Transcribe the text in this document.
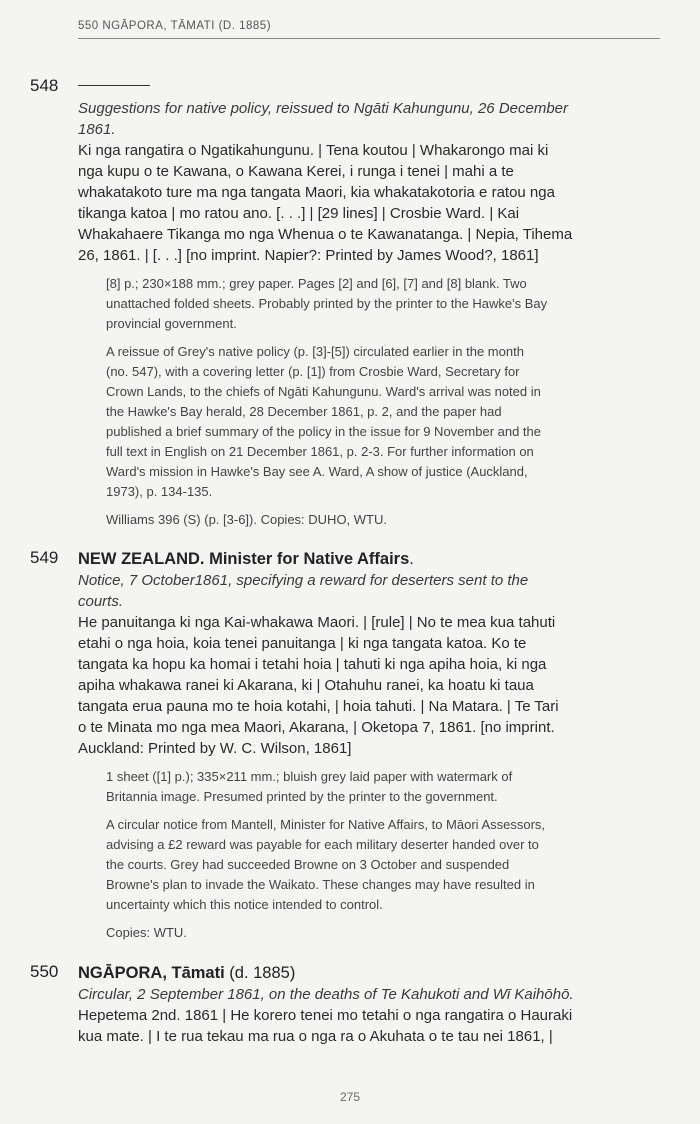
550 NGĀPORA, TĀMATI (D. 1885)
548
Suggestions for native policy, reissued to Ngāti Kahungunu, 26 December
1861.
Ki nga rangatira o Ngatikahungunu. | Tena koutou | Whakarongo mai ki
nga kupu o te Kawana, o Kawana Kerei, i runga i tenei | mahi a te
whakatakoto ture ma nga tangata Maori, kia whakatakotoria e ratou nga
tikanga katoa | mo ratou ano. [. . .] | [29 lines] | Crosbie Ward. | Kai
Whakahaere Tikanga mo nga Whenua o te Kawanatanga. | Nepia, Tihema
26, 1861. | [. . .] [no imprint. Napier?: Printed by James Wood?, 1861]
[8] p.; 230×188 mm.; grey paper. Pages [2] and [6], [7] and [8] blank. Two
unattached folded sheets. Probably printed by the printer to the Hawke's Bay
provincial government.
A reissue of Grey's native policy (p. [3]-[5]) circulated earlier in the month
(no. 547), with a covering letter (p. [1]) from Crosbie Ward, Secretary for
Crown Lands, to the chiefs of Ngāti Kahungunu. Ward's arrival was noted in
the Hawke's Bay herald, 28 December 1861, p. 2, and the paper had
published a brief summary of the policy in the issue for 9 November and the
full text in English on 21 December 1861, p. 2-3. For further information on
Ward's mission in Hawke's Bay see A. Ward, A show of justice (Auckland,
1973), p. 134-135.
Williams 396 (S) (p. [3-6]). Copies: DUHO, WTU.
549 NEW ZEALAND. Minister for Native Affairs.
Notice, 7 October1861, specifying a reward for deserters sent to the
courts.
He panuitanga ki nga Kai-whakawa Maori. | [rule] | No te mea kua tahuti
etahi o nga hoia, koia tenei panuitanga | ki nga tangata katoa. Ko te
tangata ka hopu ka homai i tetahi hoia | tahuti ki nga apiha hoia, ki nga
apiha whakawa ranei ki Akarana, ki | Otahuhu ranei, ka hoatu ki taua
tangata erua pauna mo te hoia kotahi, | hoia tahuti. | Na Matara. | Te Tari
o te Minata mo nga mea Maori, Akarana, | Oketopa 7, 1861. [no imprint.
Auckland: Printed by W. C. Wilson, 1861]
1 sheet ([1] p.); 335×211 mm.; bluish grey laid paper with watermark of
Britannia image. Presumed printed by the printer to the government.
A circular notice from Mantell, Minister for Native Affairs, to Māori Assessors,
advising a £2 reward was payable for each military deserter handed over to
the courts. Grey had succeeded Browne on 3 October and suspended
Browne's plan to invade the Waikato. These changes may have resulted in
uncertainty which this notice intended to control.
Copies: WTU.
550 NGĀPORA, Tāmati (d. 1885)
Circular, 2 September 1861, on the deaths of Te Kahukoti and Wī Kaihōhō.
Hepetema 2nd. 1861 | He korero tenei mo tetahi o nga rangatira o Hauraki
kua mate. | I te rua tekau ma rua o nga ra o Akuhata o te tau nei 1861, |
275
